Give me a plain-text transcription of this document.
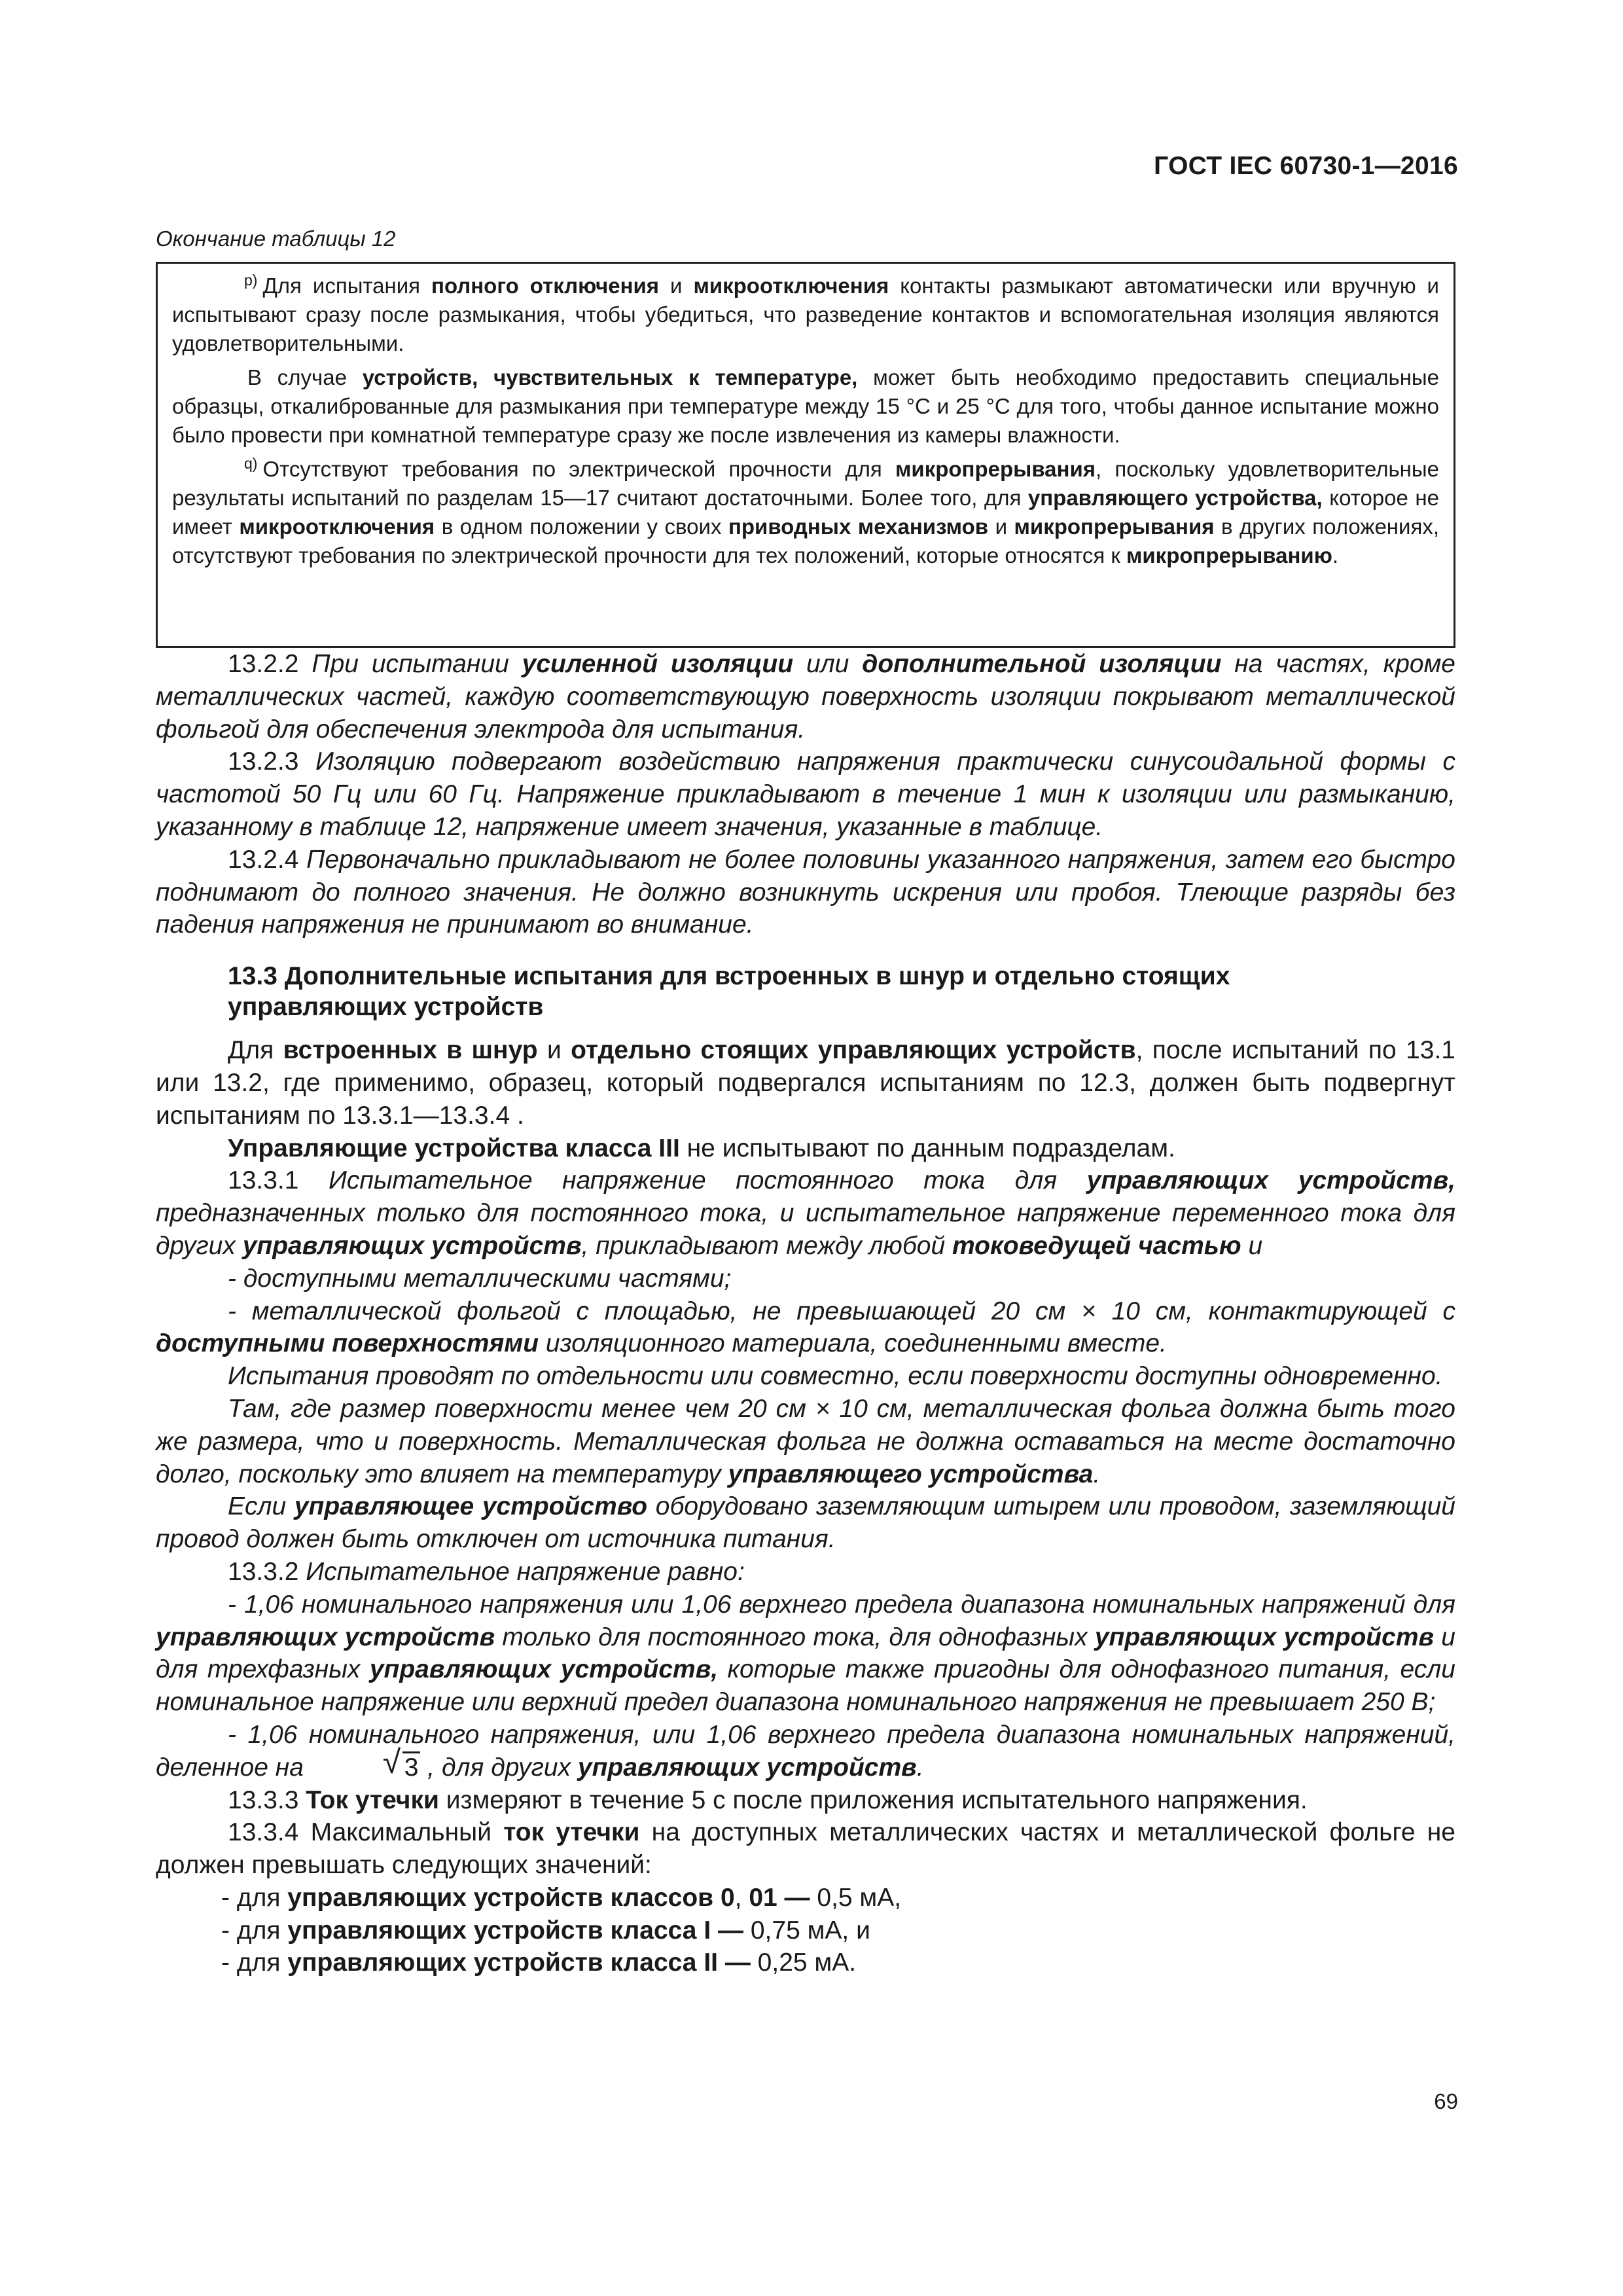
ГОСТ IEC 60730-1—2016
Окончание таблицы 12

$^{p)}$ Для испытания полного отключения и микроотключения контакты размыкают автоматически или вручную и испытывают сразу после размыкания, чтобы убедиться, что разведение контактов и вспомогательная изоляция являются удовлетворительными.

В случае устройств, чувствительных к температуре, может быть необходимо предоставить специальные образцы, откалиброванные для размыкания при температуре между 15 °С и 25 °С для того, чтобы данное испытание можно было провести при комнатной температуре сразу же после извлечения из камеры влажности.

$^{q)}$ Отсутствуют требования по электрической прочности для микропрерывания, поскольку удовлетворительные результаты испытаний по разделам 15—17 считают достаточными. Более того, для управляющего устройства, которое не имеет микроотключения в одном положении у своих приводных механизмов и микропрерывания в других положениях, отсутствуют требования по электрической прочности для тех положений, которые относятся к микропрерыванию.

13.2.2 При испытании усиленной изоляции или дополнительной изоляции на частях, кроме металлических частей, каждую соответствующую поверхность изоляции покрывают металлической фольгой для обеспечения электрода для испытания.

13.2.3 Изоляцию подвергают воздействию напряжения практически синусоидальной формы с частотой 50 Гц или 60 Гц. Напряжение прикладывают в течение 1 мин к изоляции или размыканию, указанному в таблице 12, напряжение имеет значения, указанные в таблице.

13.2.4 Первоначально прикладывают не более половины указанного напряжения, затем его быстро поднимают до полного значения. Не должно возникнуть искрения или пробоя. Тлеющие разряды без падения напряжения не принимают во внимание.

13.3 Дополнительные испытания для встроенных в шнур и отдельно стоящих
управляющих устройств

Для встроенных в шнур и отдельно стоящих управляющих устройств, после испытаний по 13.1 или 13.2, где применимо, образец, который подвергался испытаниям по 12.3, должен быть подвергнут испытаниям по 13.3.1—13.3.4 .

Управляющие устройства класса III не испытывают по данным подразделам.

13.3.1 Испытательное напряжение постоянного тока для управляющих устройств, предназначенных только для постоянного тока, и испытательное напряжение переменного тока для других управляющих устройств, прикладывают между любой токоведущей частью и

- доступными металлическими частями;

- металлической фольгой с площадью, не превышающей 20 см × 10 см, контактирующей с доступными поверхностями изоляционного материала, соединенными вместе.

Испытания проводят по отдельности или совместно, если поверхности доступны одновременно.

Там, где размер поверхности менее чем 20 см × 10 см, металлическая фольга должна быть того же размера, что и поверхность. Металлическая фольга не должна оставаться на месте достаточно долго, поскольку это влияет на температуру управляющего устройства.

Если управляющее устройство оборудовано заземляющим штырем или проводом, заземляющий провод должен быть отключен от источника питания.

13.3.2 Испытательное напряжение равно:

- 1,06 номинального напряжения или 1,06 верхнего предела диапазона номинальных напряжений для управляющих устройств только для постоянного тока, для однофазных управляющих устройств и для трехфазных управляющих устройств, которые также пригодны для однофазного питания, если номинальное напряжение или верхний предел диапазона номинального напряжения не превышает 250 В;

- 1,06 номинального напряжения, или 1,06 верхнего предела диапазона номинальных напряжений, деленное на	√ 3 , для других управляющих устройств.

13.3.3 Ток утечки измеряют в течение 5 с после приложения испытательного напряжения.

13.3.4 Максимальный ток утечки на доступных металлических частях и металлической фольге не должен превышать следующих значений:

- для управляющих устройств классов 0, 01 — 0,5 мА,

- для управляющих устройств класса I — 0,75 мА, и

- для управляющих устройств класса II — 0,25 мА.

69
